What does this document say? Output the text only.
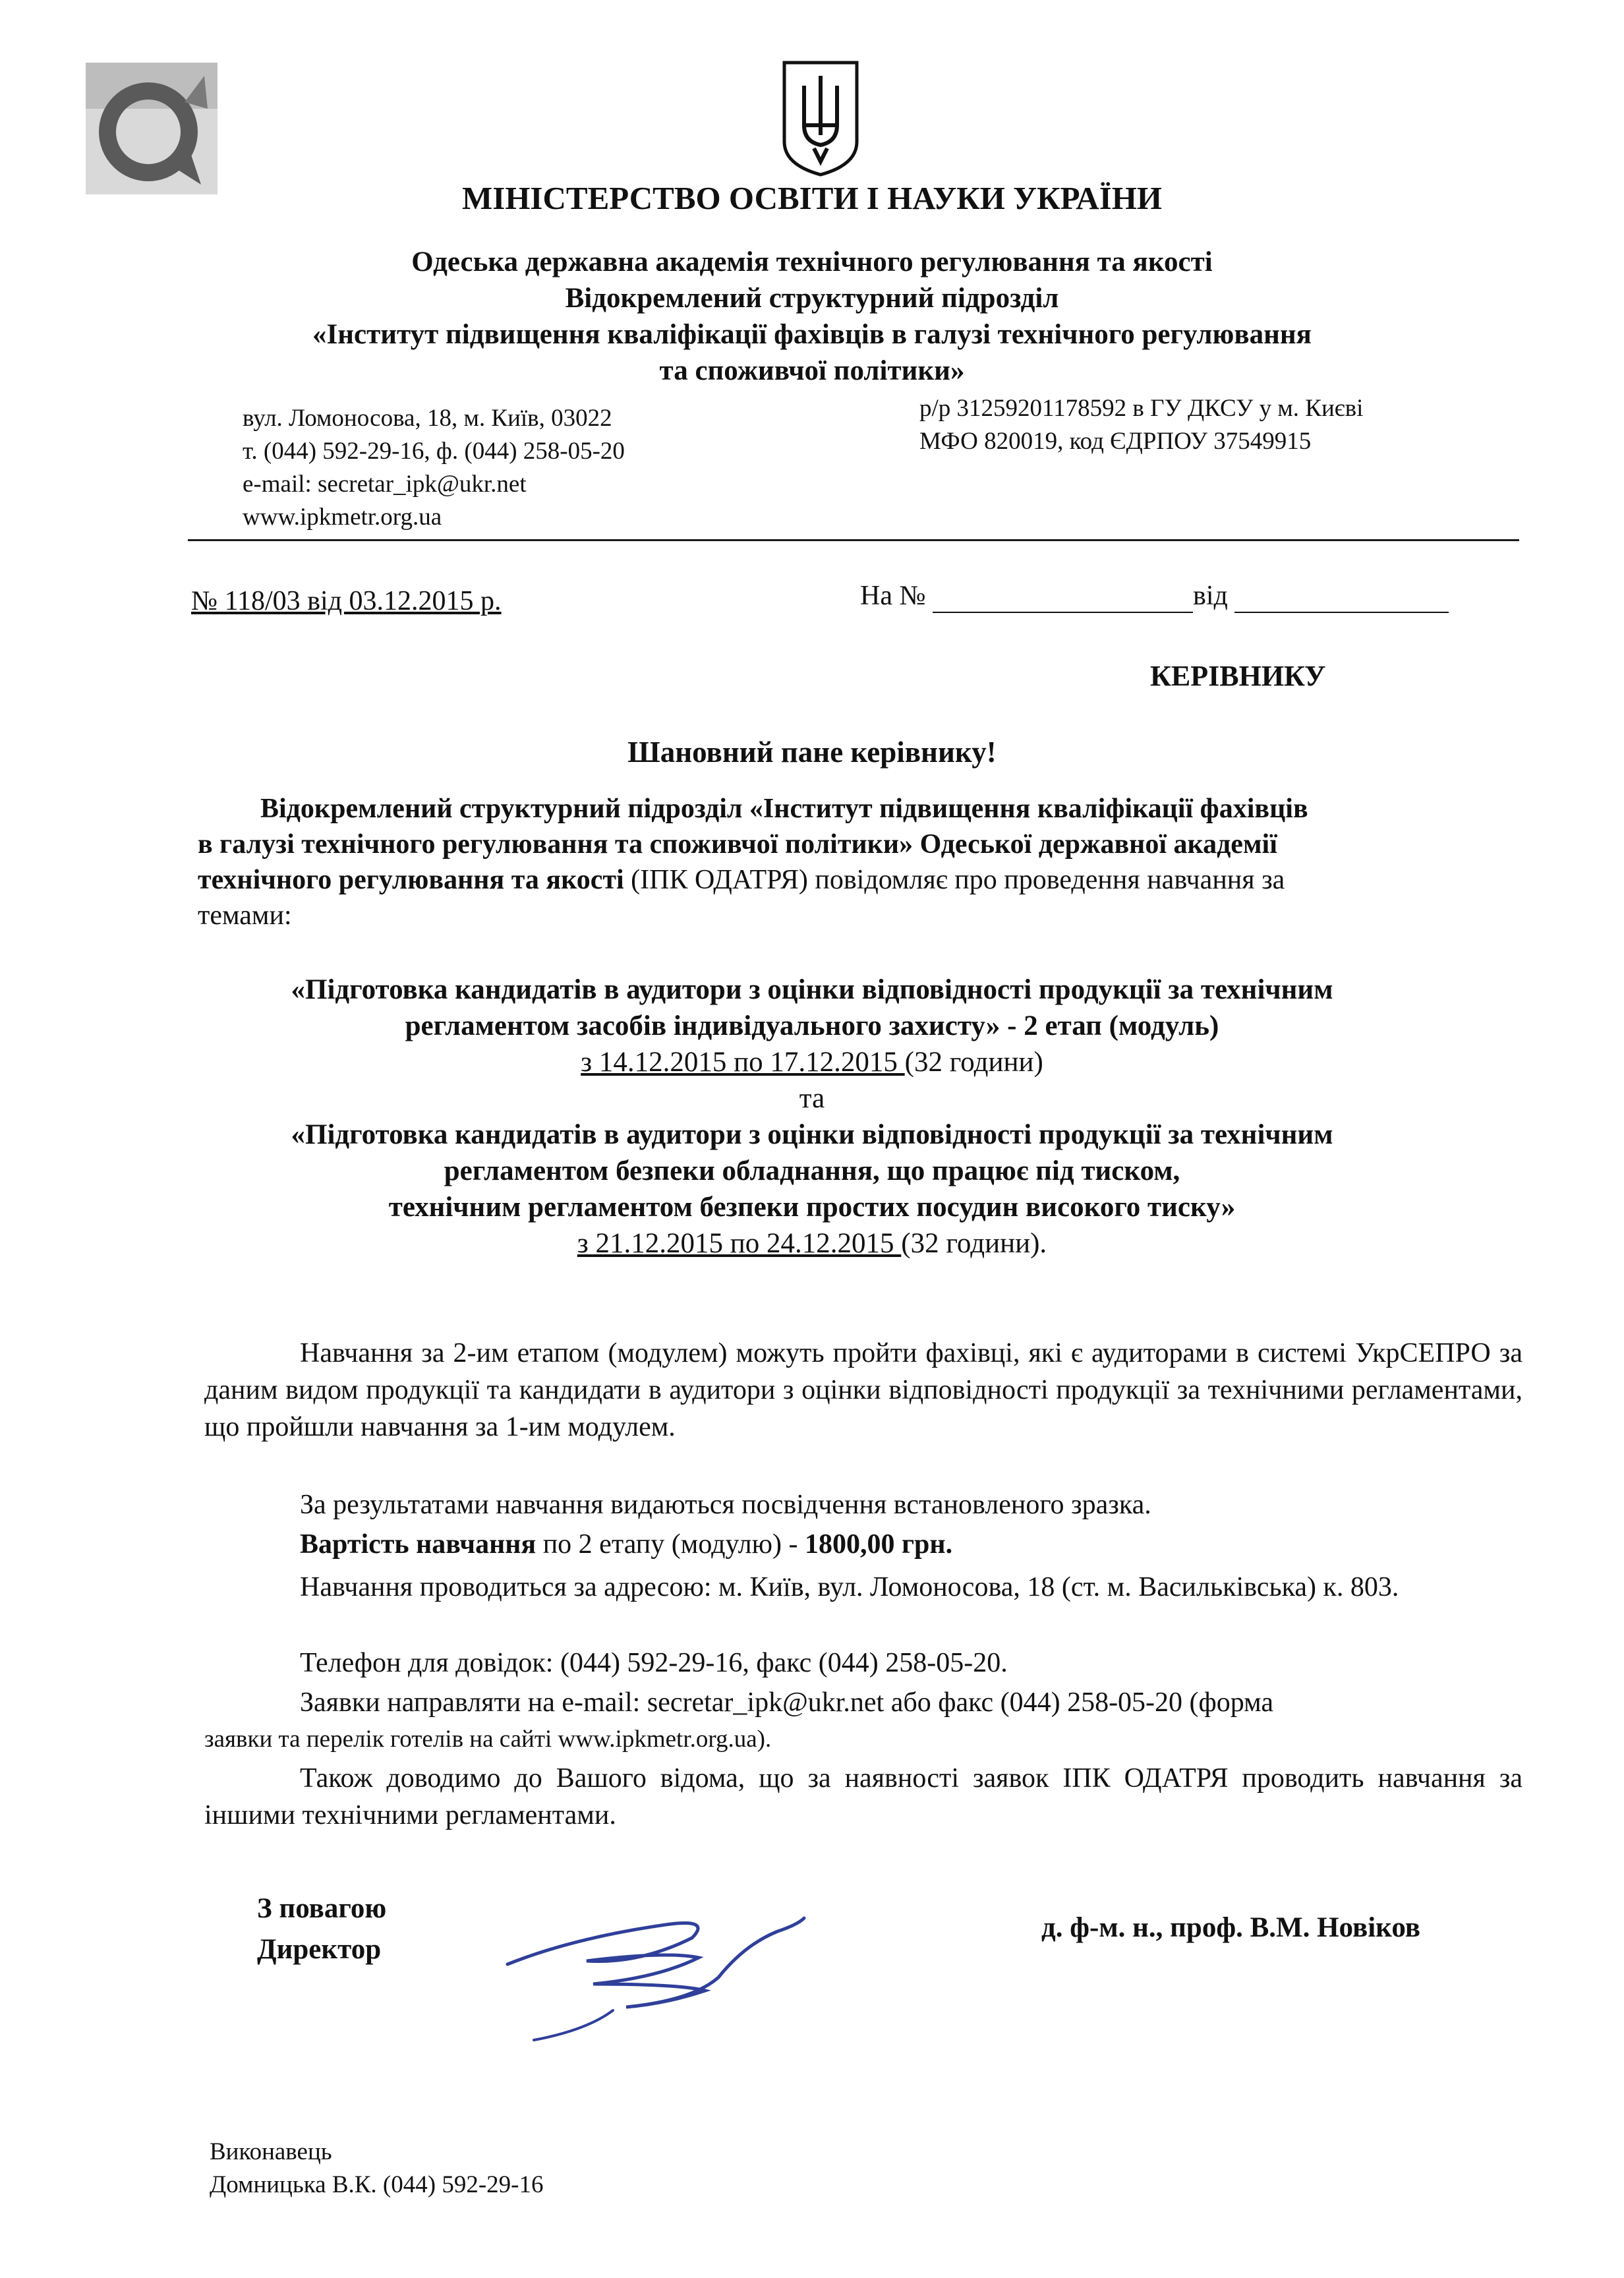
МІНІСТЕРСТВО ОСВІТИ І НАУКИ УКРАЇНИ
Одеська державна академія технічного регулювання та якості
Відокремлений структурний підрозділ
«Інститут підвищення кваліфікації фахівців в галузі технічного регулювання
та споживчої політики»
вул. Ломоносова, 18, м. Київ, 03022
т. (044) 592-29-16, ф. (044) 258-05-20
e-mail: secretar_ipk@ukr.net
www.ipkmetr.org.ua
р/р 31259201178592 в ГУ ДКСУ у м. Києві
МФО 820019, код ЄДРПОУ 37549915
№ 118/03 від 03.12.2015 р.	На №	від
КЕРІВНИКУ
Шановний пане керівнику!
Відокремлений структурний підрозділ «Інститут підвищення кваліфікації фахівців
в галузі технічного регулювання та споживчої політики» Одеської державної академії
технічного регулювання та якості (ІПК ОДАТРЯ) повідомляє про проведення навчання за
темами:
«Підготовка кандидатів в аудитори з оцінки відповідності продукції за технічним
регламентом засобів індивідуального захисту» - 2 етап (модуль)
з 14.12.2015 по 17.12.2015 (32 години)
та
«Підготовка кандидатів в аудитори з оцінки відповідності продукції за технічним
регламентом безпеки обладнання, що працює під тиском,
технічним регламентом безпеки простих посудин високого тиску»
з 21.12.2015 по 24.12.2015 (32 години).
Навчання за 2-им етапом (модулем) можуть пройти фахівці, які є аудиторами в системі УкрСЕПРО за даним видом продукції та кандидати в аудитори з оцінки відповідності продукції за технічними регламентами, що пройшли навчання за 1-им модулем.
За результатами навчання видаються посвідчення встановленого зразка.
Вартість навчання по 2 етапу (модулю) - 1800,00 грн.
Навчання проводиться за адресою: м. Київ, вул. Ломоносова, 18 (ст. м. Васильківська) к. 803.
Телефон для довідок: (044) 592-29-16, факс (044) 258-05-20.
Заявки направляти на e-mail: secretar_ipk@ukr.net або факс (044) 258-05-20 (форма
заявки та перелік готелів на сайті www.ipkmetr.org.ua).
Також доводимо до Вашого відома, що за наявності заявок ІПК ОДАТРЯ проводить навчання за іншими технічними регламентами.
З повагою
Директор
д. ф-м. н., проф. В.М. Новіков
Виконавець
Домницька В.К. (044) 592-29-16
